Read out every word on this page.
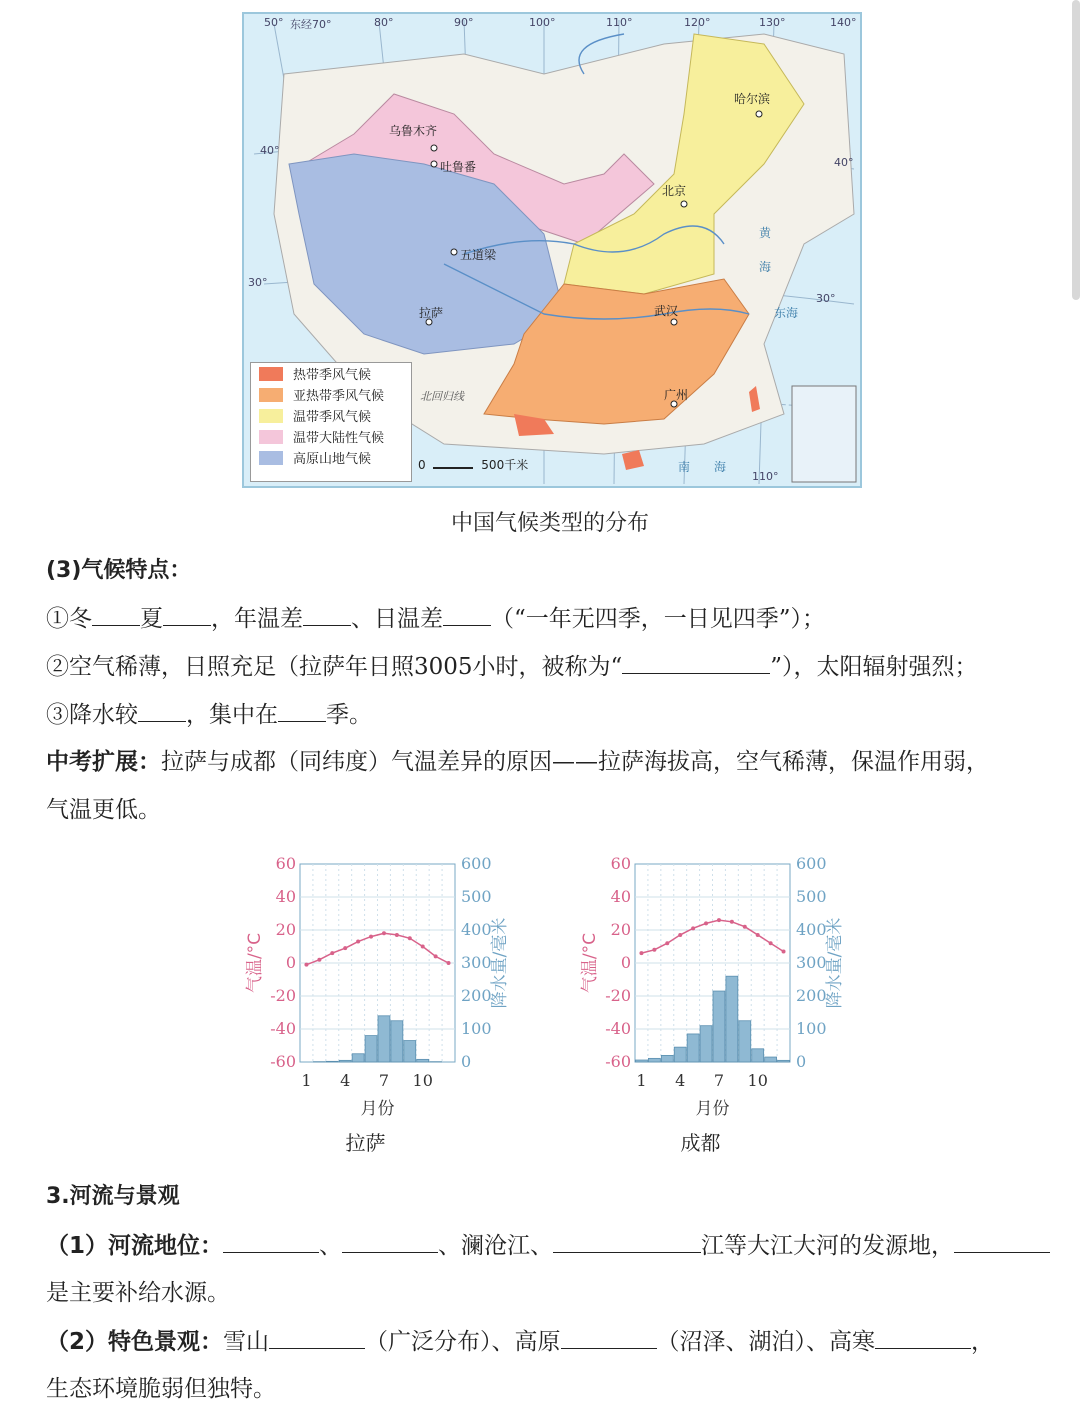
乌鲁木齐
吐鲁番
哈尔滨
北京
五道梁
拉萨	武汉
广州
50° 东经70°	80°	90°	100°	110°	120°	130°	140°
40°
30°
40°
30°
110°
北回归线
黄
海
东海
南 海
热带季风气候
亚热带季风气候
温带季风气候
温带大陆性气候
高原山地气候	0	500千米
中国气候类型的分布
(3)气候特点：
①冬 夏 ，年温差 、日温差 （“一年无四季，一日见四季”）；
②空气稀薄，日照充足（拉萨年日照3005小时，被称为“	”），太阳辐射强烈；
③降水较 ，集中在 季。
中考扩展：拉萨与成都（同纬度）气温差异的原因——拉萨海拔高，空气稀薄，保温作用弱，
气温更低。
60
40
20
0
-20
-40
-60
600
500
400
300
200
100
0
1 4 7 10
月份
气温/°C	降水量/毫米
拉萨
60
40
20
0
-20
-40
-60
600
500
400
300
200
100
0
1 4 7 10
月份
气温/°C	降水量/毫米
成都
3.河流与景观
（1）河流地位：	、	、澜沧江、	江等大江大河的发源地，
是主要补给水源。
（2）特色景观：雪山	（广泛分布）、高原	（沼泽、湖泊）、高寒	，
生态环境脆弱但独特。
